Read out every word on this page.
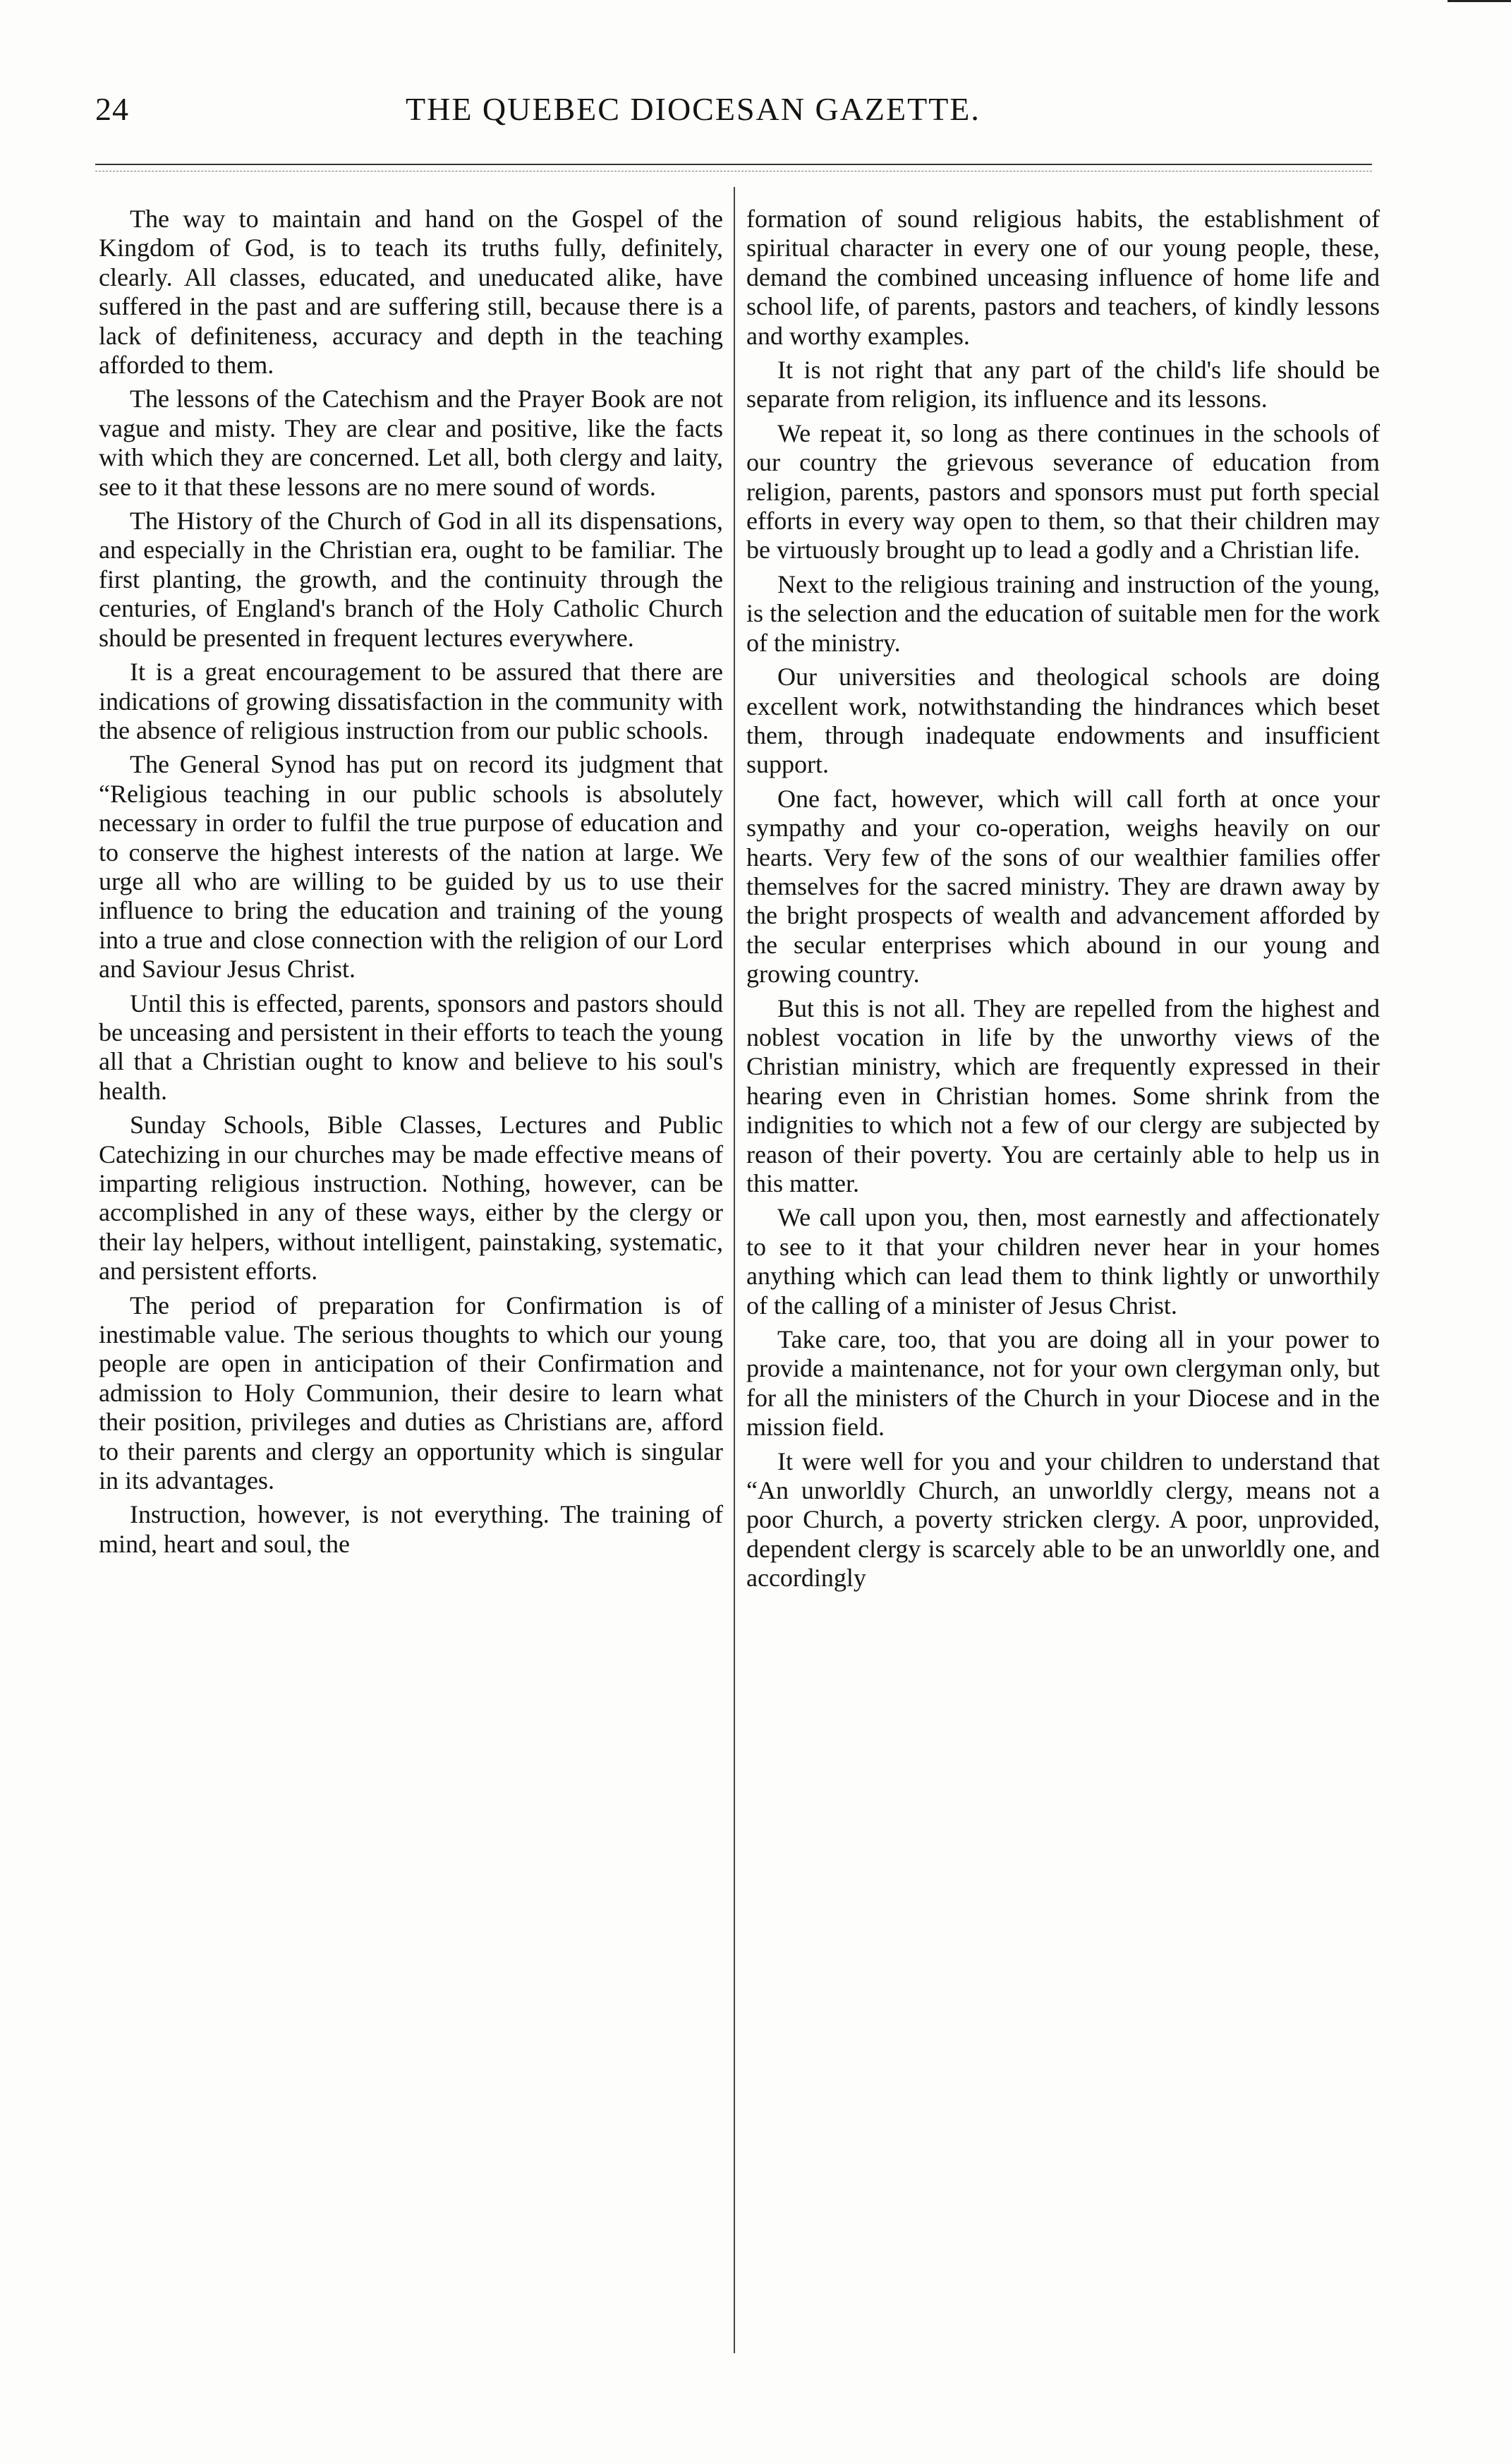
24	THE QUEBEC DIOCESAN GAZETTE.

The way to maintain and hand on the Gospel of the Kingdom of God, is to teach its truths fully, definitely, clearly. All classes, educated, and uneducated alike, have suffered in the past and are suffering still, because there is a lack of definiteness, accuracy and depth in the teaching afforded to them.

The lessons of the Catechism and the Prayer Book are not vague and misty. They are clear and positive, like the facts with which they are concerned. Let all, both clergy and laity, see to it that these lessons are no mere sound of words.

The History of the Church of God in all its dispensations, and especially in the Christian era, ought to be familiar. The first planting, the growth, and the continuity through the centuries, of England's branch of the Holy Catholic Church should be presented in frequent lectures everywhere.

It is a great encouragement to be assured that there are indications of growing dissatisfaction in the community with the absence of religious instruction from our public schools.

The General Synod has put on record its judgment that “Religious teaching in our public schools is absolutely necessary in order to fulfil the true purpose of education and to conserve the highest interests of the nation at large. We urge all who are willing to be guided by us to use their influence to bring the education and training of the young into a true and close connection with the religion of our Lord and Saviour Jesus Christ.

Until this is effected, parents, sponsors and pastors should be unceasing and persistent in their efforts to teach the young all that a Christian ought to know and believe to his soul's health.

Sunday Schools, Bible Classes, Lectures and Public Catechizing in our churches may be made effective means of imparting religious instruction. Nothing, however, can be accomplished in any of these ways, either by the clergy or their lay helpers, without intelligent, painstaking, systematic, and persistent efforts.

The period of preparation for Confirmation is of inestimable value. The serious thoughts to which our young people are open in anticipation of their Confirmation and admission to Holy Communion, their desire to learn what their position, privileges and duties as Christians are, afford to their parents and clergy an opportunity which is singular in its advantages.

Instruction, however, is not everything. The training of mind, heart and soul, the

formation of sound religious habits, the establishment of spiritual character in every one of our young people, these, demand the combined unceasing influence of home life and school life, of parents, pastors and teachers, of kindly lessons and worthy examples.

It is not right that any part of the child's life should be separate from religion, its influence and its lessons.

We repeat it, so long as there continues in the schools of our country the grievous severance of education from religion, parents, pastors and sponsors must put forth special efforts in every way open to them, so that their children may be virtuously brought up to lead a godly and a Christian life.

Next to the religious training and instruction of the young, is the selection and the education of suitable men for the work of the ministry.

Our universities and theological schools are doing excellent work, notwithstanding the hindrances which beset them, through inadequate endowments and insufficient support.

One fact, however, which will call forth at once your sympathy and your co-operation, weighs heavily on our hearts. Very few of the sons of our wealthier families offer themselves for the sacred ministry. They are drawn away by the bright prospects of wealth and advancement afforded by the secular enterprises which abound in our young and growing country.

But this is not all. They are repelled from the highest and noblest vocation in life by the unworthy views of the Christian ministry, which are frequently expressed in their hearing even in Christian homes. Some shrink from the indignities to which not a few of our clergy are subjected by reason of their poverty. You are certainly able to help us in this matter.

We call upon you, then, most earnestly and affectionately to see to it that your children never hear in your homes anything which can lead them to think lightly or unworthily of the calling of a minister of Jesus Christ.

Take care, too, that you are doing all in your power to provide a maintenance, not for your own clergyman only, but for all the ministers of the Church in your Diocese and in the mission field.

It were well for you and your children to understand that “An unworldly Church, an unworldly clergy, means not a poor Church, a poverty stricken clergy. A poor, unprovided, dependent clergy is scarcely able to be an unworldly one, and accordingly
